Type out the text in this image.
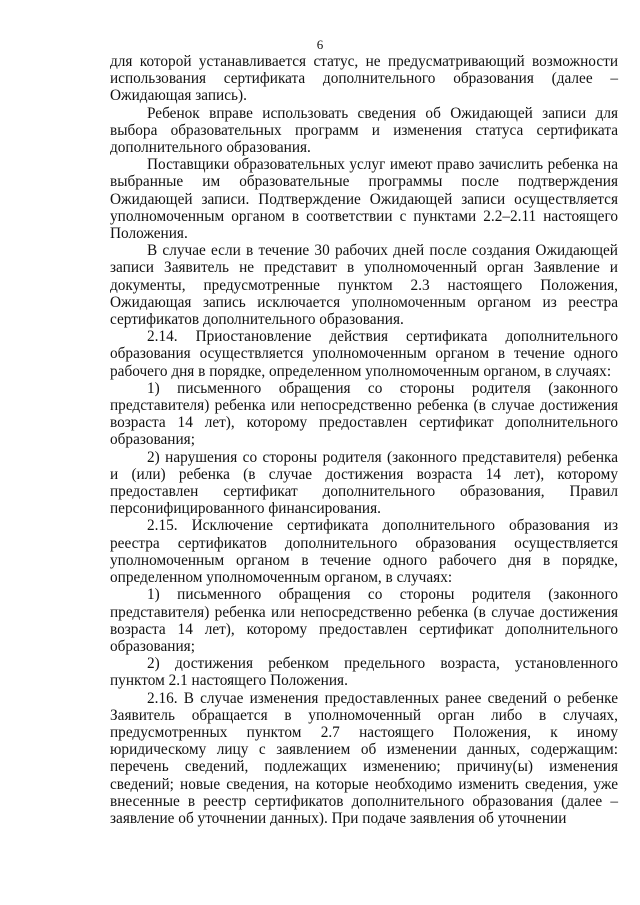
6

для которой устанавливается статус, не предусматривающий возможности использования сертификата дополнительного образования (далее – Ожидающая запись).

Ребенок вправе использовать сведения об Ожидающей записи для выбора образовательных программ и изменения статуса сертификата дополнительного образования.

Поставщики образовательных услуг имеют право зачислить ребенка на выбранные им образовательные программы после подтверждения Ожидающей записи. Подтверждение Ожидающей записи осуществляется уполномоченным органом в соответствии с пунктами 2.2–2.11 настоящего Положения.

В случае если в течение 30 рабочих дней после создания Ожидающей записи Заявитель не представит в уполномоченный орган Заявление и документы, предусмотренные пунктом 2.3 настоящего Положения, Ожидающая запись исключается уполномоченным органом из реестра сертификатов дополнительного образования.

2.14. Приостановление действия сертификата дополнительного образования осуществляется уполномоченным органом в течение одного рабочего дня в порядке, определенном уполномоченным органом, в случаях:

1) письменного обращения со стороны родителя (законного представителя) ребенка или непосредственно ребенка (в случае достижения возраста 14 лет), которому предоставлен сертификат дополнительного образования;

2) нарушения со стороны родителя (законного представителя) ребенка и (или) ребенка (в случае достижения возраста 14 лет), которому предоставлен сертификат дополнительного образования, Правил персонифицированного финансирования.

2.15. Исключение сертификата дополнительного образования из реестра сертификатов дополнительного образования осуществляется уполномоченным органом в течение одного рабочего дня в порядке, определенном уполномоченным органом, в случаях:

1) письменного обращения со стороны родителя (законного представителя) ребенка или непосредственно ребенка (в случае достижения возраста 14 лет), которому предоставлен сертификат дополнительного образования;

2) достижения ребенком предельного возраста, установленного пунктом 2.1 настоящего Положения.

2.16. В случае изменения предоставленных ранее сведений о ребенке Заявитель обращается в уполномоченный орган либо в случаях, предусмотренных пунктом 2.7 настоящего Положения, к иному юридическому лицу с заявлением об изменении данных, содержащим: перечень сведений, подлежащих изменению; причину(ы) изменения сведений; новые сведения, на которые необходимо изменить сведения, уже внесенные в реестр сертификатов дополнительного образования (далее – заявление об уточнении данных). При подаче заявления об уточнении
